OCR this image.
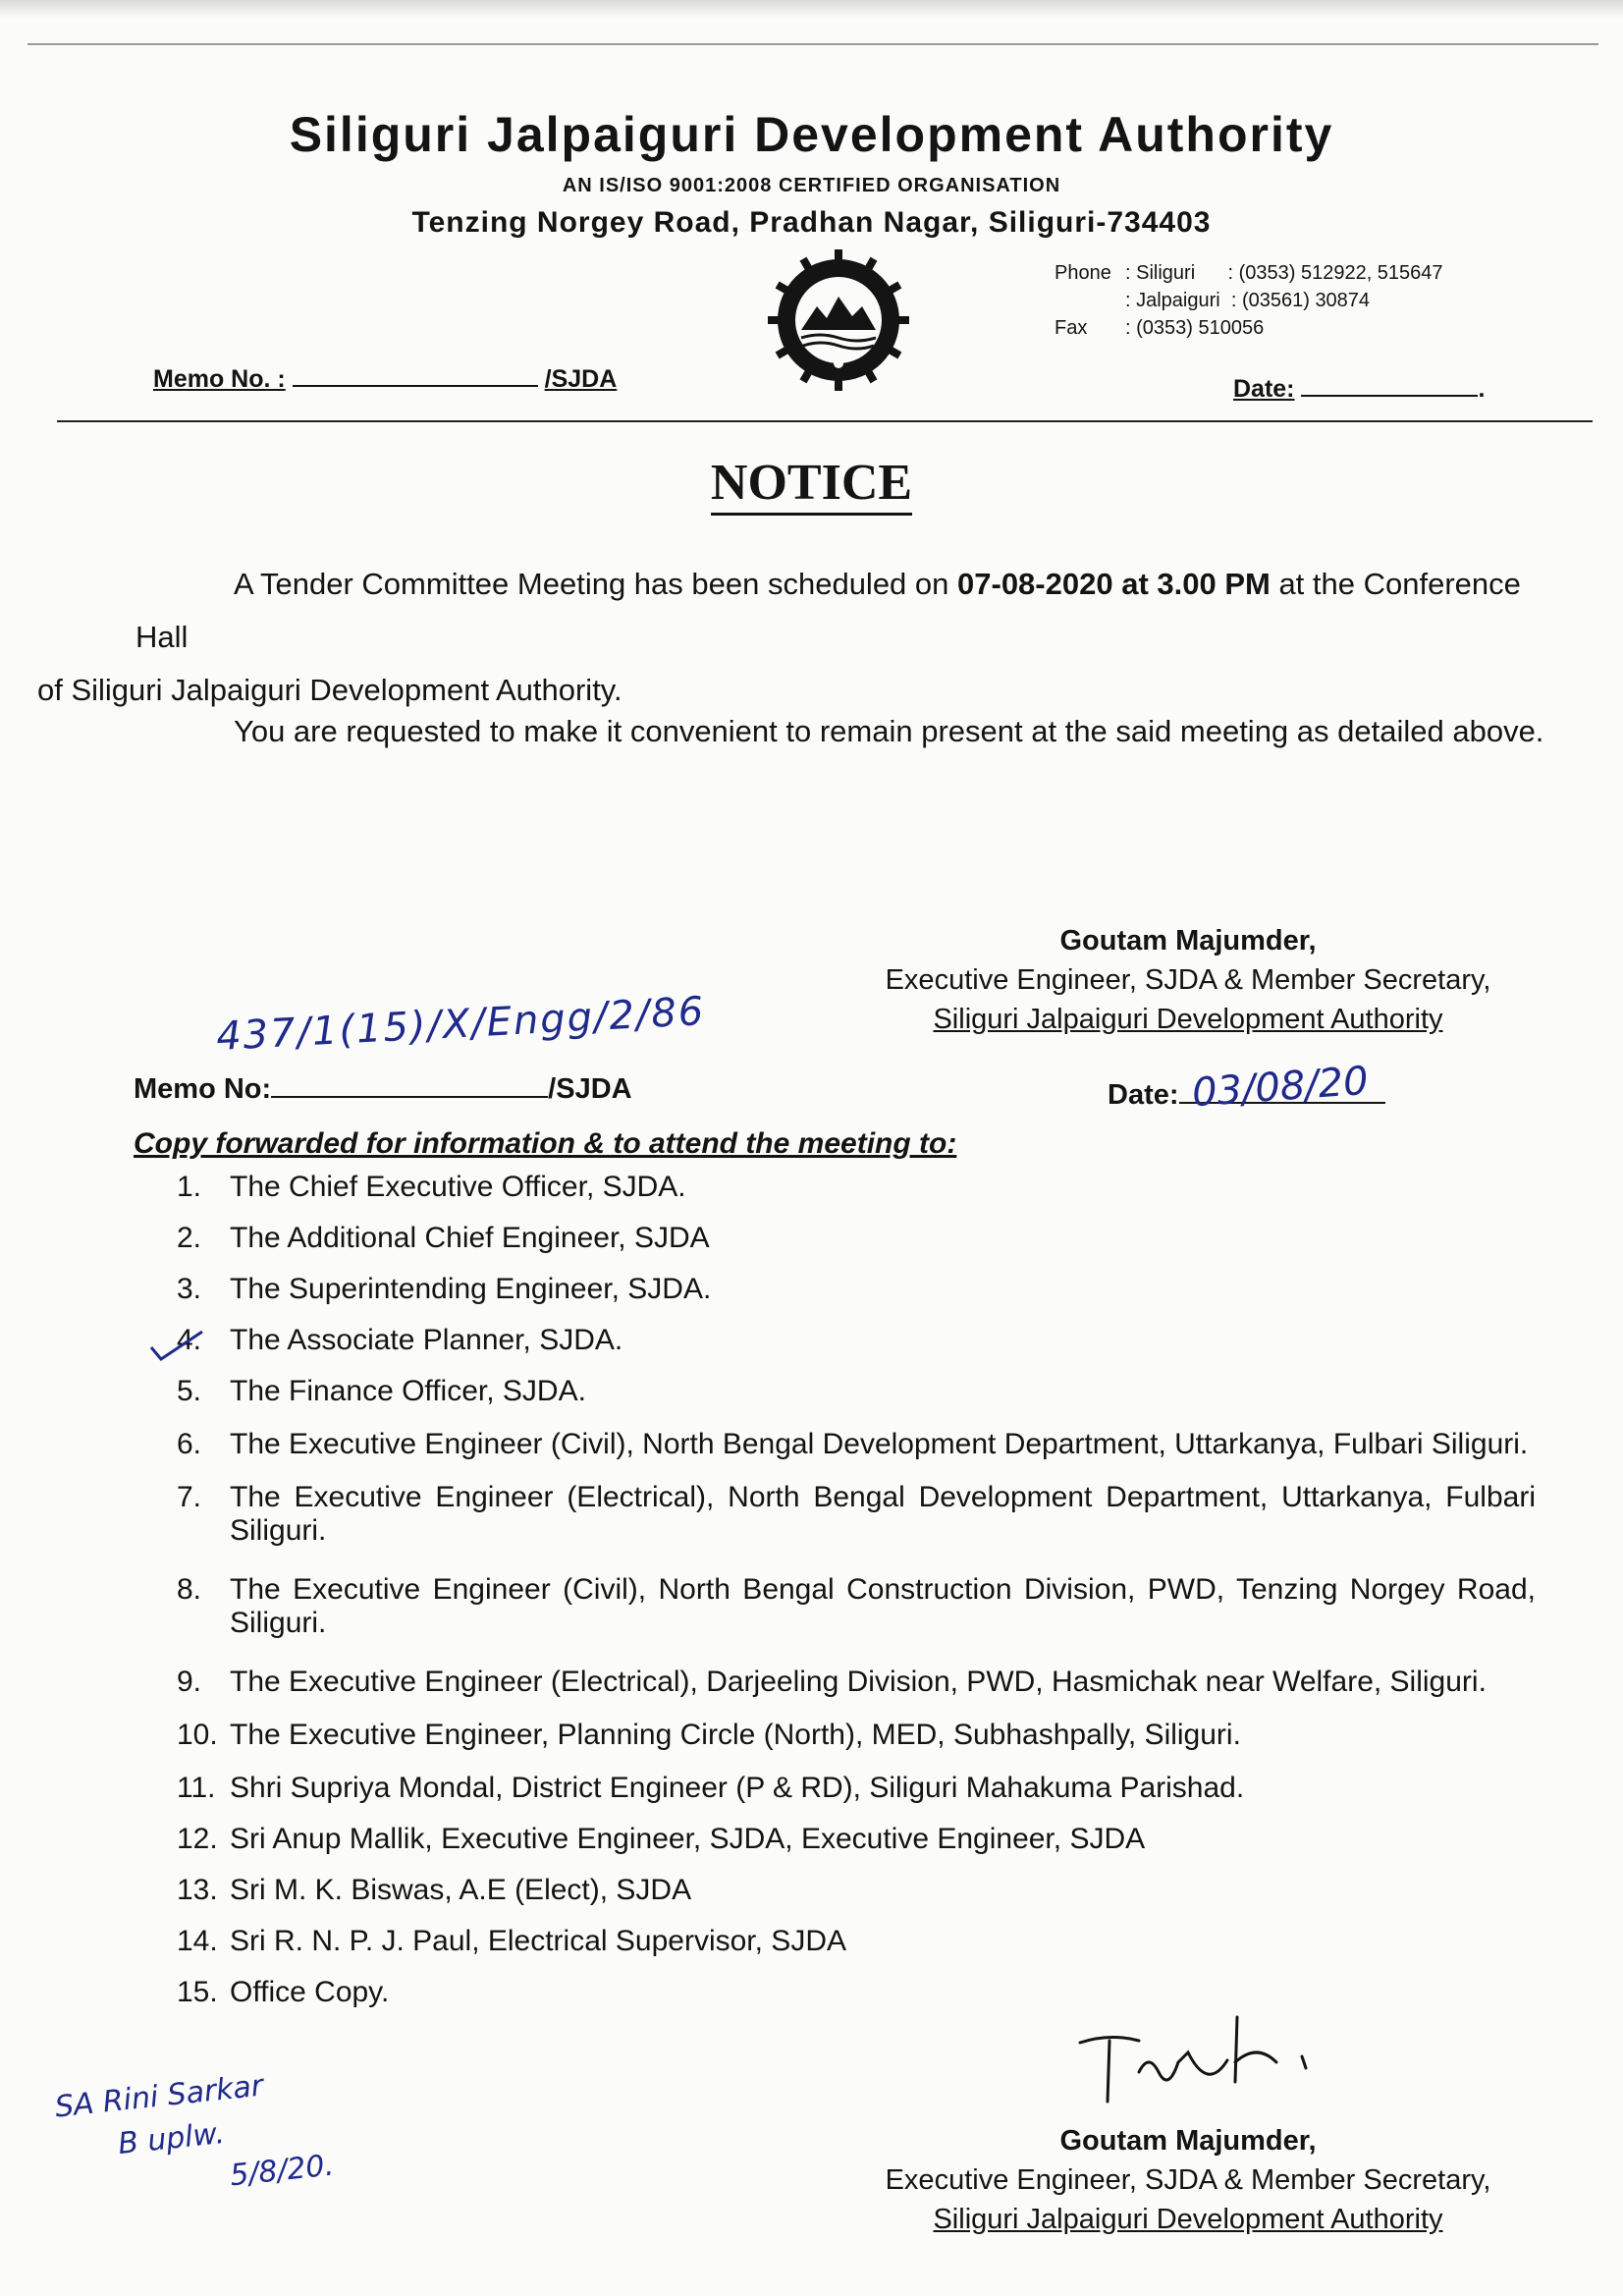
Siliguri Jalpaiguri Development Authority
AN IS/ISO 9001:2008 CERTIFIED ORGANISATION
Tenzing Norgey Road, Pradhan Nagar, Siliguri-734403
Phone : Siliguri      : (0353) 512922, 515647
: Jalpaiguri  : (03561) 30874
Fax : (0353) 510056
Memo No. :	/SJDA	Date:	.
NOTICE
A Tender Committee Meeting has been scheduled on 07-08-2020 at 3.00 PM at the Conference Hall
of Siliguri Jalpaiguri Development Authority.
You are requested to make it convenient to remain present at the said meeting as detailed above.
Goutam Majumder,
Executive Engineer, SJDA & Member Secretary,
Siliguri Jalpaiguri Development Authority
437/1(15)/X/Engg/2/86
Memo No:	/SJDA	Date: 03/08/20
Copy forwarded for information & to attend the meeting to:
1. The Chief Executive Officer, SJDA.
2. The Additional Chief Engineer, SJDA
3. The Superintending Engineer, SJDA.
4. The Associate Planner, SJDA.
5. The Finance Officer, SJDA.
6. The Executive Engineer (Civil), North Bengal Development Department, Uttarkanya, Fulbari Siliguri.
7. The Executive Engineer (Electrical), North Bengal Development Department, Uttarkanya, Fulbari Siliguri.
8. The Executive Engineer (Civil), North Bengal Construction Division, PWD, Tenzing Norgey Road, Siliguri.
9. The Executive Engineer (Electrical), Darjeeling Division, PWD, Hasmichak near Welfare, Siliguri.
10. The Executive Engineer, Planning Circle (North), MED, Subhashpally, Siliguri.
11. Shri Supriya Mondal, District Engineer (P & RD), Siliguri Mahakuma Parishad.
12. Sri Anup Mallik, Executive Engineer, SJDA, Executive Engineer, SJDA
13. Sri M. K. Biswas, A.E (Elect), SJDA
14. Sri R. N. P. J. Paul, Electrical Supervisor, SJDA
15. Office Copy.
Goutam Majumder,
Executive Engineer, SJDA & Member Secretary,
Siliguri Jalpaiguri Development Authority
SA Rini Sarkar
B uplw.
5/8/20.
